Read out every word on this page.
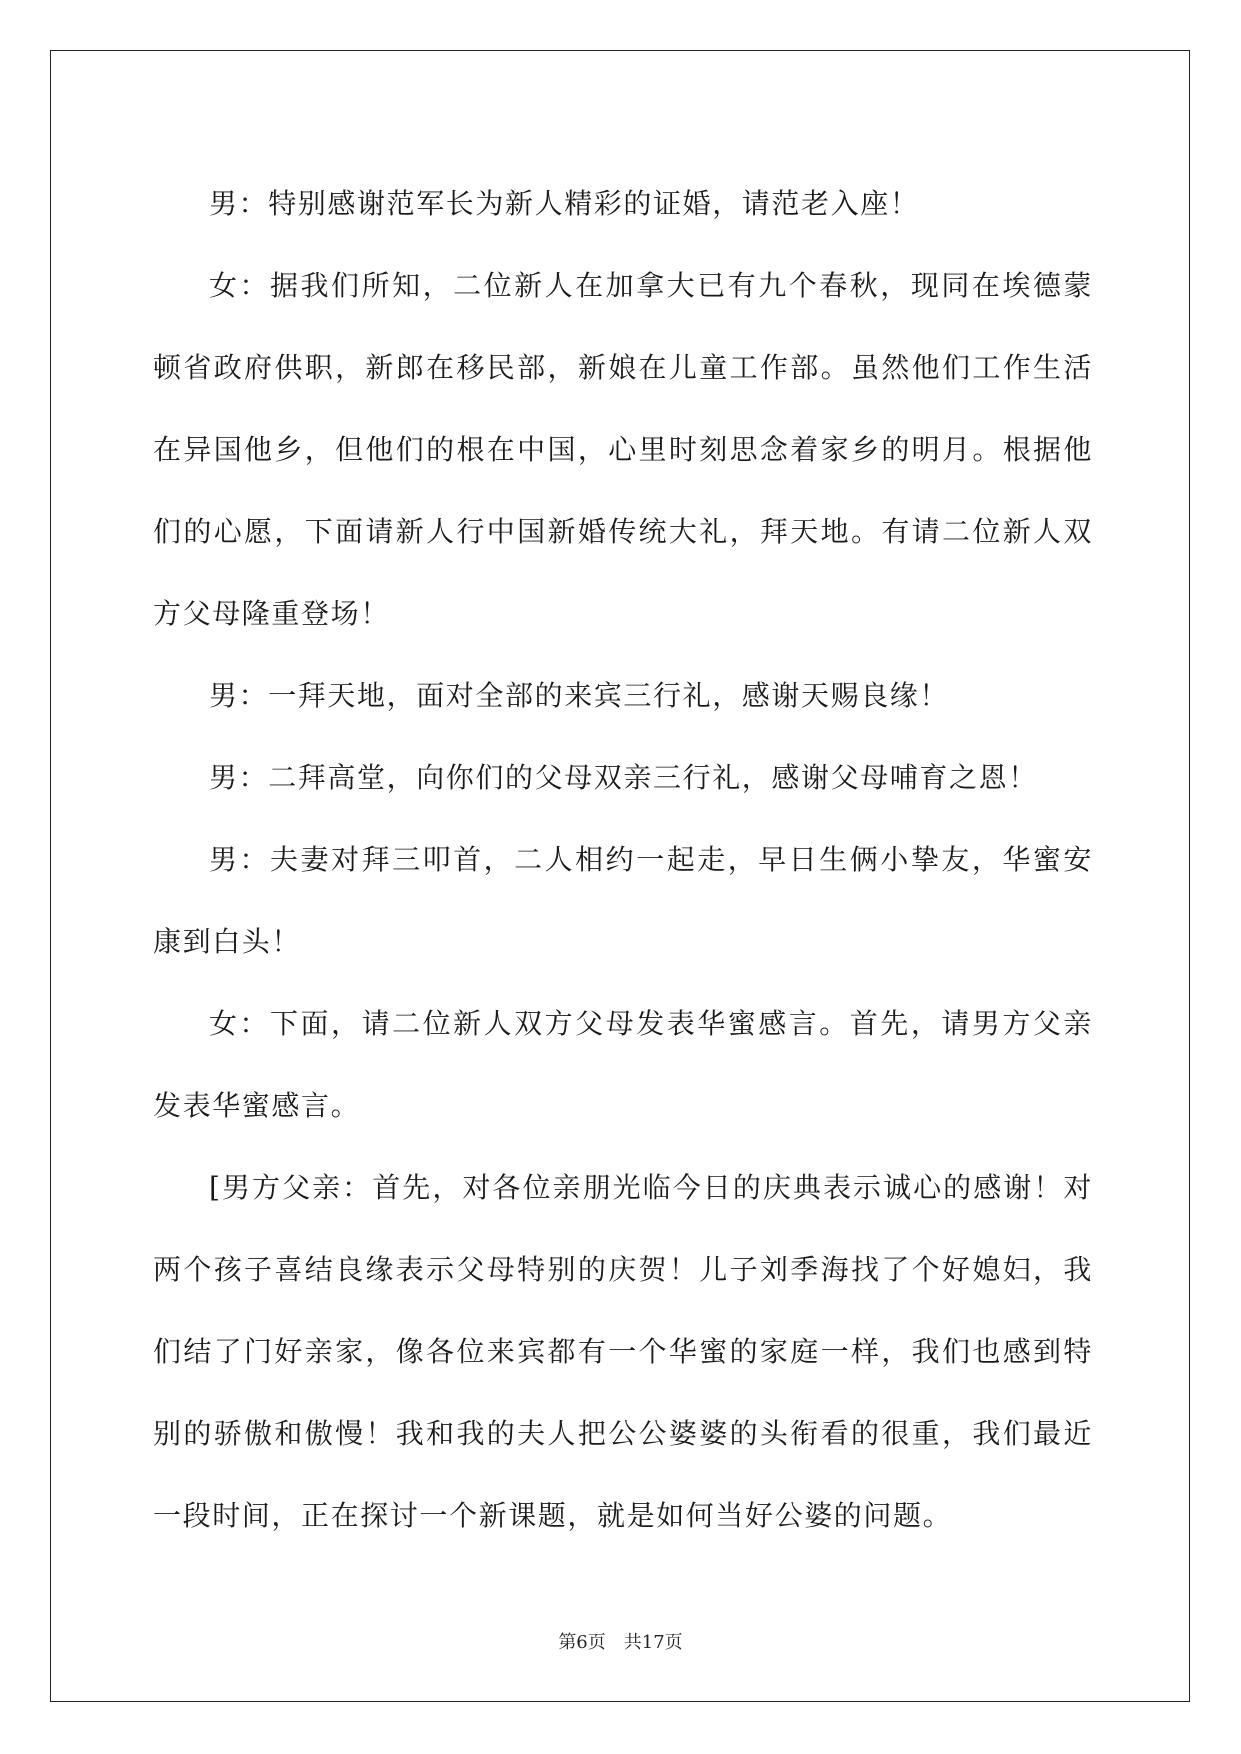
男：特别感谢范军长为新人精彩的证婚，请范老入座！

女：据我们所知，二位新人在加拿大已有九个春秋，现同在埃德蒙顿省政府供职，新郎在移民部，新娘在儿童工作部。虽然他们工作生活在异国他乡，但他们的根在中国，心里时刻思念着家乡的明月。根据他们的心愿，下面请新人行中国新婚传统大礼，拜天地。有请二位新人双方父母隆重登场！

男：一拜天地，面对全部的来宾三行礼，感谢天赐良缘！

男：二拜高堂，向你们的父母双亲三行礼，感谢父母哺育之恩！

男：夫妻对拜三叩首，二人相约一起走，早日生俩小挚友，华蜜安康到白头！

女：下面，请二位新人双方父母发表华蜜感言。首先，请男方父亲发表华蜜感言。

[男方父亲：首先，对各位亲朋光临今日的庆典表示诚心的感谢！对两个孩子喜结良缘表示父母特别的庆贺！儿子刘季海找了个好媳妇，我们结了门好亲家，像各位来宾都有一个华蜜的家庭一样，我们也感到特别的骄傲和傲慢！我和我的夫人把公公婆婆的头衔看的很重，我们最近一段时间，正在探讨一个新课题，就是如何当好公婆的问题。

第6页　共17页
